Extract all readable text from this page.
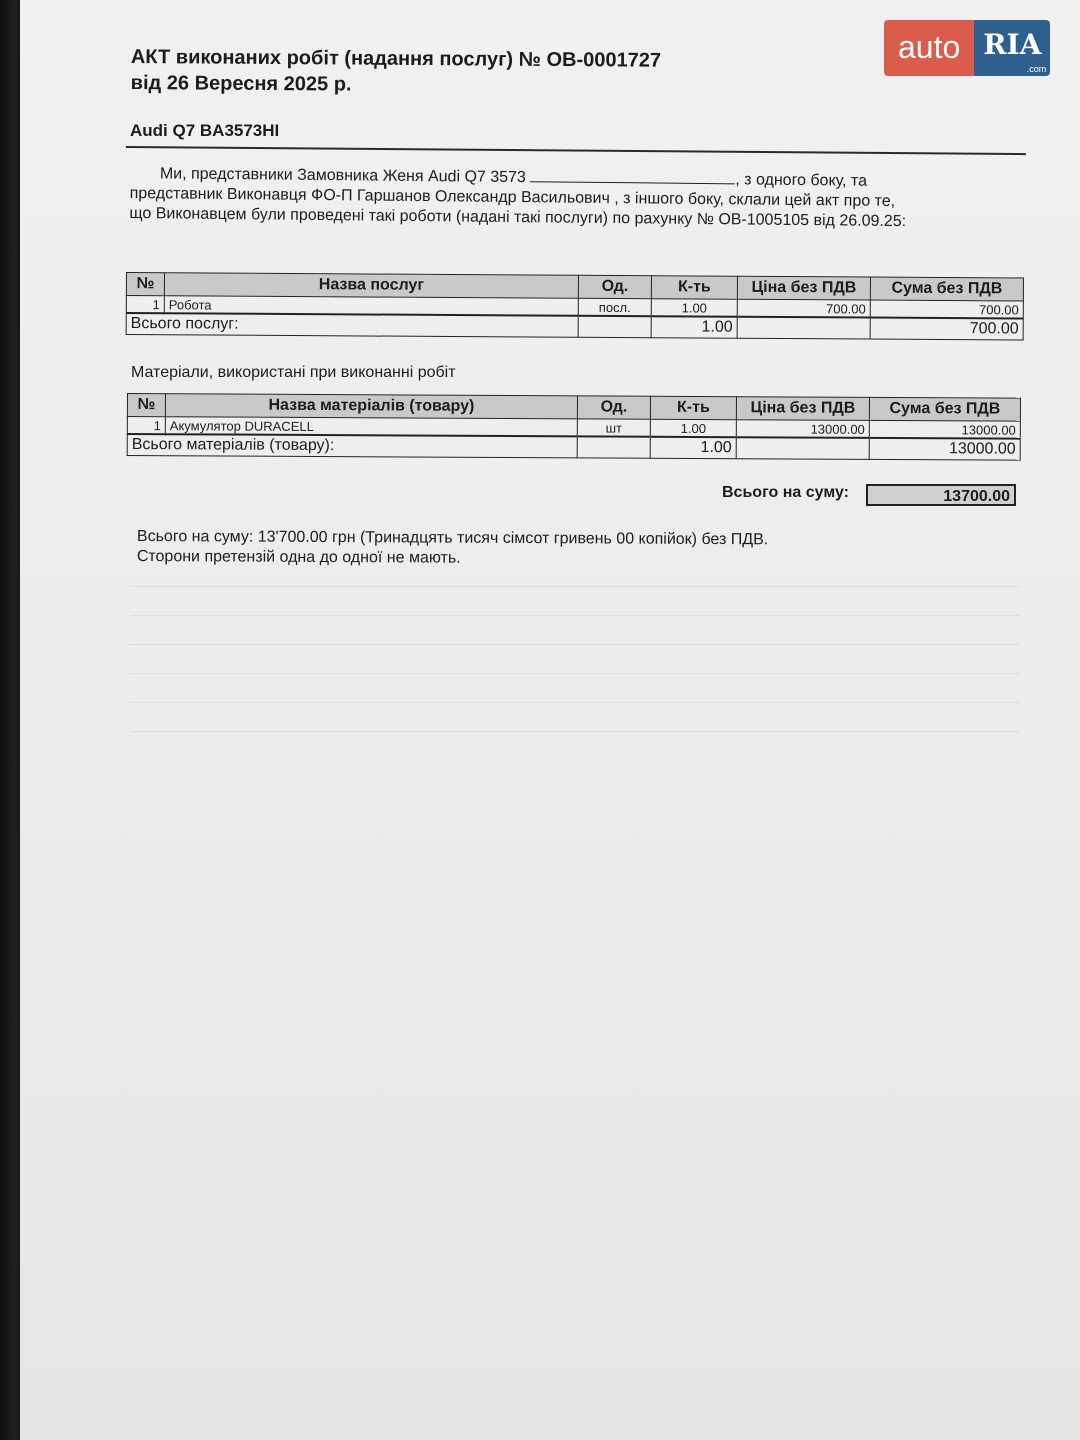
АКТ виконаних робіт (надання послуг) № ОВ-0001727
від 26 Вересня 2025 р.
Audi Q7 BA3573HI
Ми, представники Замовника Женя Audi Q7 3573	, з одного боку, та
представник Виконавця ФО-П Гаршанов Олександр Васильович , з іншого боку, склали цей акт про те,
що Виконавцем були проведені такі роботи (надані такі послуги) по рахунку № ОВ-1005105 від 26.09.25:
№	Назва послуг	Од.	К-ть	Ціна без ПДВ	Сума без ПДВ
1	Робота	посл.	1.00	700.00	700.00
Всього послуг:			1.00		700.00
Матеріали, використані при виконанні робіт
№	Назва матеріалів (товару)	Од.	К-ть	Ціна без ПДВ	Сума без ПДВ
1	Акумулятор DURACELL	шт	1.00	13000.00	13000.00
Всього матеріалів (товару):			1.00		13000.00
Всього на суму:	13700.00
Всього на суму: 13'700.00 грн (Тринадцять тисяч сімсот гривень 00 копійок) без ПДВ.
Сторони претензій одна до одної не мають.
auto RIA
.com
